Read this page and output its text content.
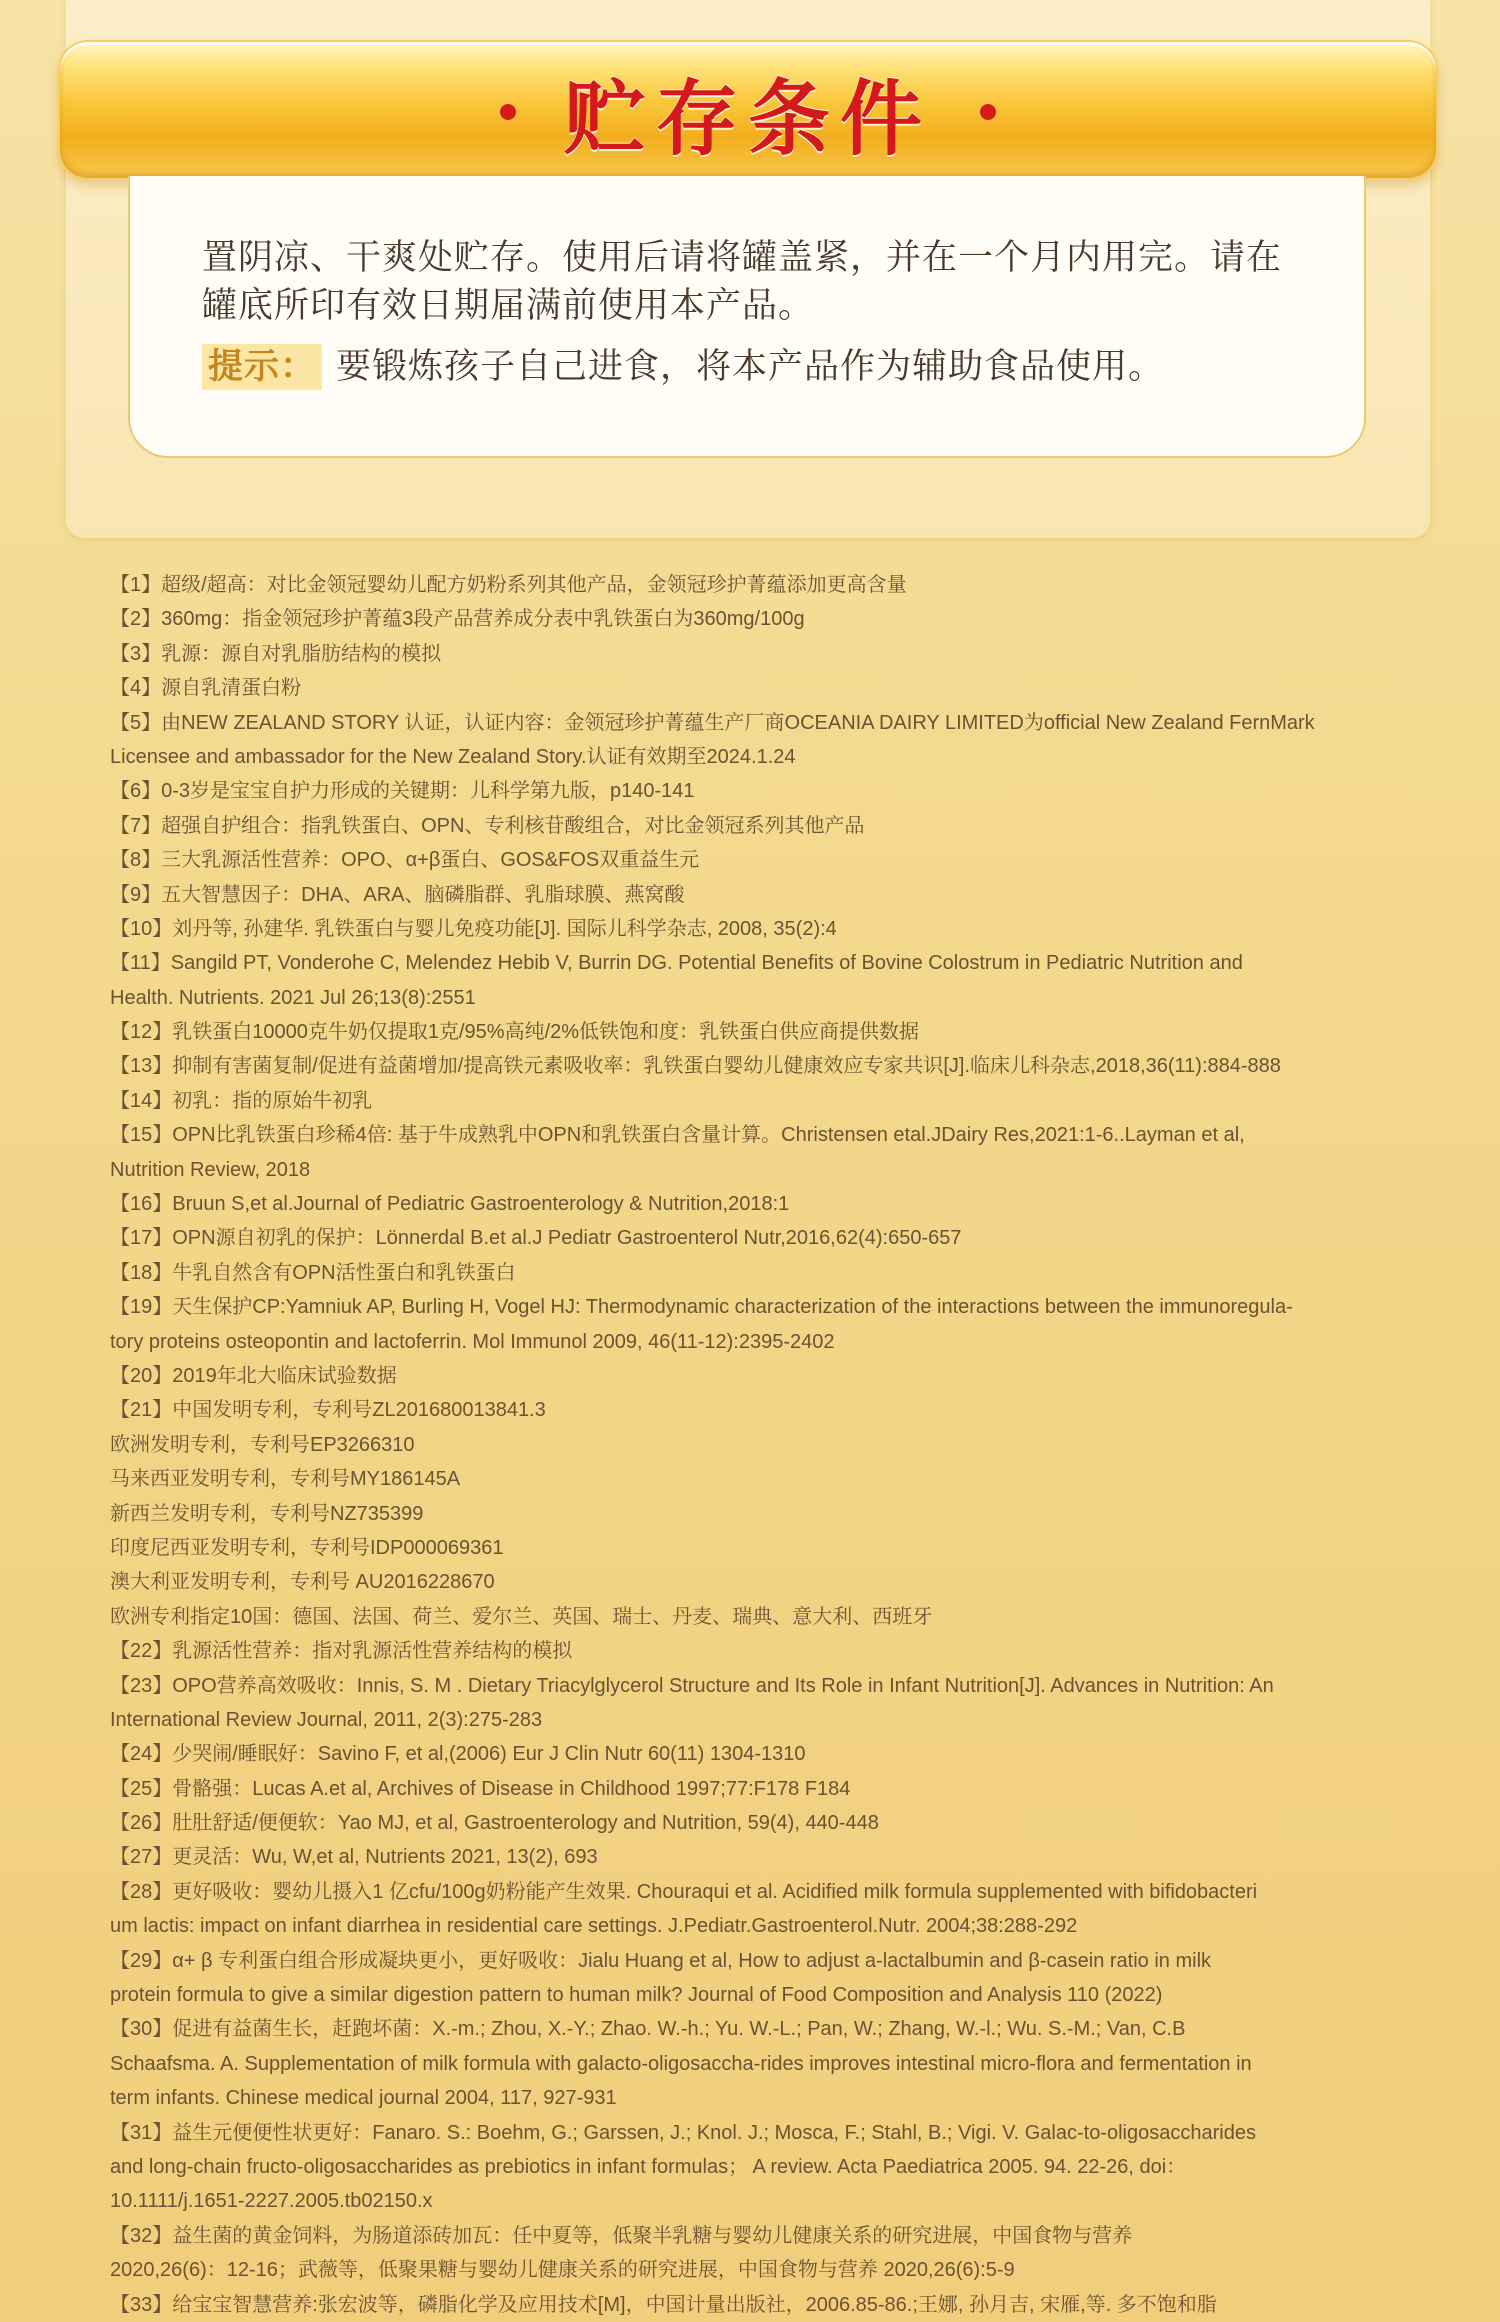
贮存条件

置阴凉、干爽处贮存。使用后请将罐盖紧，并在一个月内用完。请在罐底所印有效日期届满前使用本产品。

提示： 要锻炼孩子自己进食，将本产品作为辅助食品使用。

【1】超级/超高：对比金领冠婴幼儿配方奶粉系列其他产品，金领冠珍护菁蕴添加更高含量
【2】360mg：指金领冠珍护菁蕴3段产品营养成分表中乳铁蛋白为360mg/100g
【3】乳源：源自对乳脂肪结构的模拟
【4】源自乳清蛋白粉
【5】由NEW ZEALAND STORY 认证，认证内容：金领冠珍护菁蕴生产厂商OCEANIA DAIRY LIMITED为official New Zealand FernMark
Licensee and ambassador for the New Zealand Story.认证有效期至2024.1.24
【6】0-3岁是宝宝自护力形成的关键期：儿科学第九版，p140-141
【7】超强自护组合：指乳铁蛋白、OPN、专利核苷酸组合，对比金领冠系列其他产品
【8】三大乳源活性营养：OPO、α+β蛋白、GOS&FOS双重益生元
【9】五大智慧因子：DHA、ARA、脑磷脂群、乳脂球膜、燕窝酸
【10】刘丹等, 孙建华. 乳铁蛋白与婴儿免疫功能[J]. 国际儿科学杂志, 2008, 35(2):4
【11】Sangild PT, Vonderohe C, Melendez Hebib V, Burrin DG. Potential Benefits of Bovine Colostrum in Pediatric Nutrition and
Health. Nutrients. 2021 Jul 26;13(8):2551
【12】乳铁蛋白10000克牛奶仅提取1克/95%高纯/2%低铁饱和度：乳铁蛋白供应商提供数据
【13】抑制有害菌复制/促进有益菌增加/提高铁元素吸收率：乳铁蛋白婴幼儿健康效应专家共识[J].临床儿科杂志,2018,36(11):884-888
【14】初乳：指的原始牛初乳
【15】OPN比乳铁蛋白珍稀4倍: 基于牛成熟乳中OPN和乳铁蛋白含量计算。Christensen etal.JDairy Res,2021:1-6..Layman et al,
Nutrition Review, 2018
【16】Bruun S,et al.Journal of Pediatric Gastroenterology & Nutrition,2018:1
【17】OPN源自初乳的保护：Lönnerdal B.et al.J Pediatr Gastroenterol Nutr,2016,62(4):650-657
【18】牛乳自然含有OPN活性蛋白和乳铁蛋白
【19】天生保护CP:Yamniuk AP, Burling H, Vogel HJ: Thermodynamic characterization of the interactions between the immunoregula-
tory proteins osteopontin and lactoferrin. Mol Immunol 2009, 46(11-12):2395-2402
【20】2019年北大临床试验数据
【21】中国发明专利，专利号ZL201680013841.3
欧洲发明专利，专利号EP3266310
马来西亚发明专利，专利号MY186145A
新西兰发明专利，专利号NZ735399
印度尼西亚发明专利，专利号IDP000069361
澳大利亚发明专利，专利号 AU2016228670
欧洲专利指定10国：德国、法国、荷兰、爱尔兰、英国、瑞士、丹麦、瑞典、意大利、西班牙
【22】乳源活性营养：指对乳源活性营养结构的模拟
【23】OPO营养高效吸收：Innis, S. M . Dietary Triacylglycerol Structure and Its Role in Infant Nutrition[J]. Advances in Nutrition: An
International Review Journal, 2011, 2(3):275-283
【24】少哭闹/睡眠好：Savino F, et al,(2006) Eur J Clin Nutr 60(11) 1304-1310
【25】骨骼强：Lucas A.et al, Archives of Disease in Childhood 1997;77:F178 F184
【26】肚肚舒适/便便软：Yao MJ, et al, Gastroenterology and Nutrition, 59(4), 440-448
【27】更灵活：Wu, W,et al, Nutrients 2021, 13(2), 693
【28】更好吸收：婴幼儿摄入1 亿cfu/100g奶粉能产生效果. Chouraqui et al. Acidified milk formula supplemented with bifidobacteri
um lactis: impact on infant diarrhea in residential care settings. J.Pediatr.Gastroenterol.Nutr. 2004;38:288-292
【29】α+ β 专利蛋白组合形成凝块更小，更好吸收：Jialu Huang et al, How to adjust a-lactalbumin and β-casein ratio in milk
protein formula to give a similar digestion pattern to human milk? Journal of Food Composition and Analysis 110 (2022)
【30】促进有益菌生长，赶跑坏菌：X.-m.; Zhou, X.-Y.; Zhao. W.-h.; Yu. W.-L.; Pan, W.; Zhang, W.-l.; Wu. S.-M.; Van, C.B
Schaafsma. A. Supplementation of milk formula with galacto-oligosaccha-rides improves intestinal micro-flora and fermentation in
term infants. Chinese medical journal 2004, 117, 927-931
【31】益生元便便性状更好：Fanaro. S.: Boehm, G.; Garssen, J.; Knol. J.; Mosca, F.; Stahl, B.; Vigi. V. Galac-to-oligosaccharides
and long-chain fructo-oligosaccharides as prebiotics in infant formulas； A review. Acta Paediatrica 2005. 94. 22-26, doi：
10.1111/j.1651-2227.2005.tb02150.x
【32】益生菌的黄金饲料，为肠道添砖加瓦：任中夏等，低聚半乳糖与婴幼儿健康关系的研究进展，中国食物与营养
2020,26(6)：12-16；武薇等，低聚果糖与婴幼儿健康关系的研究进展，中国食物与营养 2020,26(6):5-9
【33】给宝宝智慧营养:张宏波等，磷脂化学及应用技术[M]，中国计量出版社，2006.85-86.;王娜, 孙月吉, 宋雁,等. 多不饱和脂
